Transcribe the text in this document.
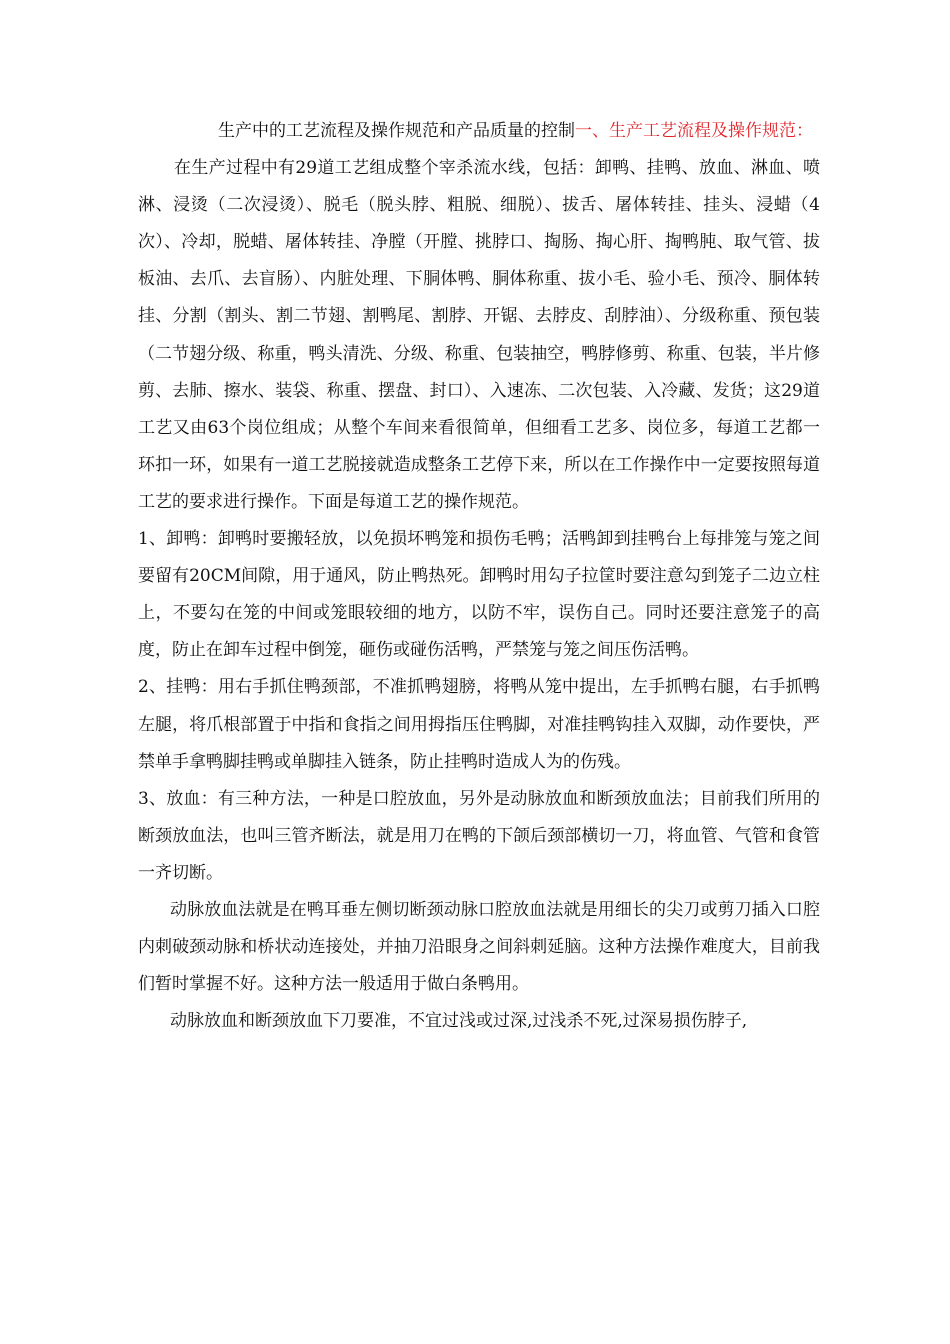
生产中的工艺流程及操作规范和产品质量的控制一、生产工艺流程及操作规范：

在生产过程中有29道工艺组成整个宰杀流水线，包括：卸鸭、挂鸭、放血、淋血、喷淋、浸烫（二次浸烫）、脱毛（脱头脖、粗脱、细脱）、拔舌、屠体转挂、挂头、浸蜡（4次）、冷却，脱蜡、屠体转挂、净膛（开膛、挑脖口、掏肠、掏心肝、掏鸭肫、取气管、拔板油、去爪、去盲肠）、内脏处理、下胴体鸭、胴体称重、拔小毛、验小毛、预冷、胴体转挂、分割（割头、割二节翅、割鸭尾、割脖、开锯、去脖皮、刮脖油）、分级称重、预包装（二节翅分级、称重，鸭头清洗、分级、称重、包装抽空，鸭脖修剪、称重、包装，半片修剪、去肺、擦水、装袋、称重、摆盘、封口）、入速冻、二次包装、入冷藏、发货；这29道工艺又由63个岗位组成；从整个车间来看很简单，但细看工艺多、岗位多，每道工艺都一环扣一环，如果有一道工艺脱接就造成整条工艺停下来，所以在工作操作中一定要按照每道工艺的要求进行操作。下面是每道工艺的操作规范。

1、卸鸭：卸鸭时要搬轻放，以免损坏鸭笼和损伤毛鸭；活鸭卸到挂鸭台上每排笼与笼之间要留有20CM间隙，用于通风，防止鸭热死。卸鸭时用勾子拉筐时要注意勾到笼子二边立柱上，不要勾在笼的中间或笼眼较细的地方，以防不牢，误伤自己。同时还要注意笼子的高度，防止在卸车过程中倒笼，砸伤或碰伤活鸭，严禁笼与笼之间压伤活鸭。

2、挂鸭：用右手抓住鸭颈部，不准抓鸭翅膀，将鸭从笼中提出，左手抓鸭右腿，右手抓鸭左腿，将爪根部置于中指和食指之间用拇指压住鸭脚，对准挂鸭钩挂入双脚，动作要快，严禁单手拿鸭脚挂鸭或单脚挂入链条，防止挂鸭时造成人为的伤残。

3、放血：有三种方法，一种是口腔放血，另外是动脉放血和断颈放血法；目前我们所用的断颈放血法，也叫三管齐断法，就是用刀在鸭的下颌后颈部横切一刀，将血管、气管和食管一齐切断。

动脉放血法就是在鸭耳垂左侧切断颈动脉口腔放血法就是用细长的尖刀或剪刀插入口腔内刺破颈动脉和桥状动连接处，并抽刀沿眼身之间斜刺延脑。这种方法操作难度大，目前我们暂时掌握不好。这种方法一般适用于做白条鸭用。

动脉放血和断颈放血下刀要准，不宜过浅或过深,过浅杀不死,过深易损伤脖子,
